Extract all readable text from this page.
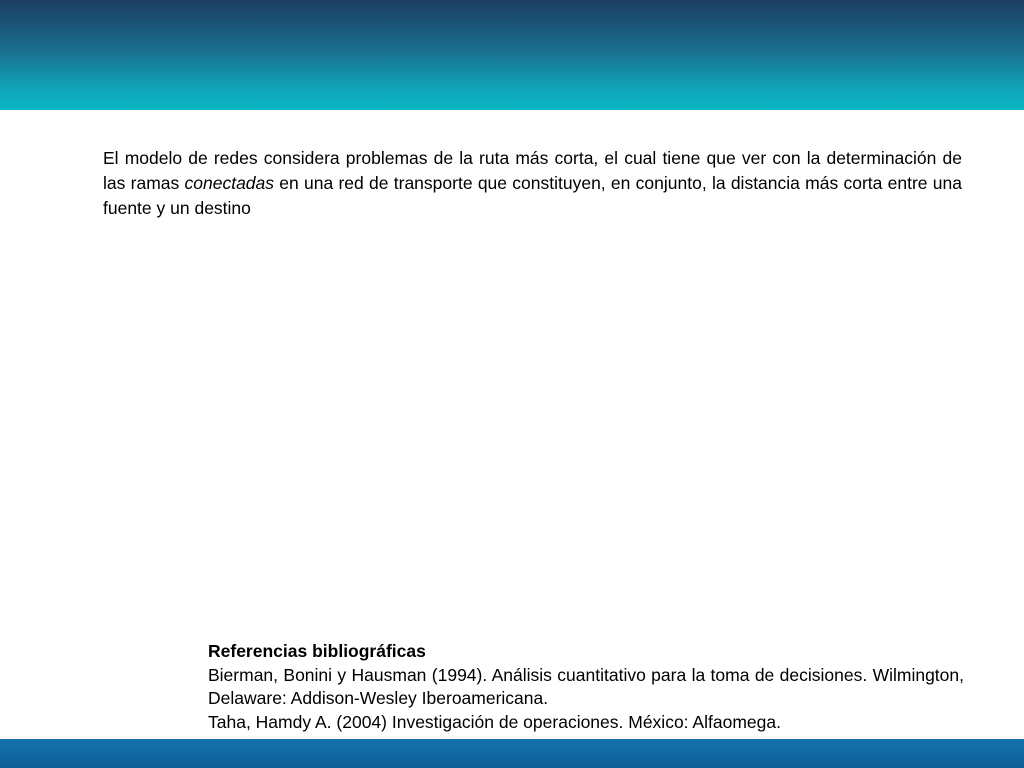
El modelo de redes considera problemas de la ruta más corta, el cual tiene que ver con la determinación de las ramas conectadas en una red de transporte que constituyen, en conjunto, la distancia más corta entre una fuente y un destino
Referencias bibliográficas
Bierman, Bonini y Hausman (1994). Análisis cuantitativo para la toma de decisiones. Wilmington, Delaware: Addison-Wesley Iberoamericana.
Taha, Hamdy A. (2004) Investigación de operaciones. México: Alfaomega.
